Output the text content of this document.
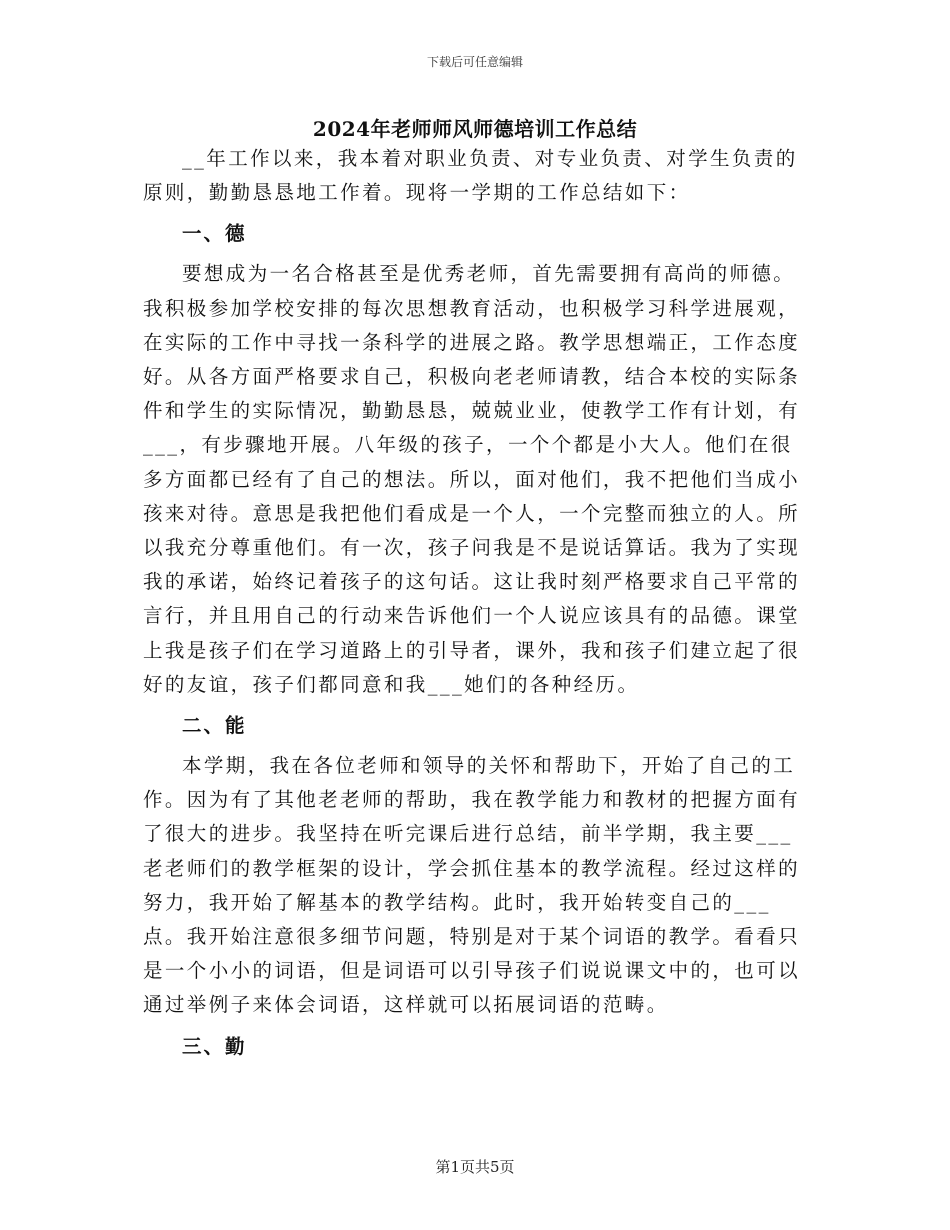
下载后可任意编辑
2024年老师师风师德培训工作总结

__年工作以来，我本着对职业负责、对专业负责、对学生负责的原则，勤勤恳恳地工作着。现将一学期的工作总结如下：

一、德

要想成为一名合格甚至是优秀老师，首先需要拥有高尚的师德。我积极参加学校安排的每次思想教育活动，也积极学习科学进展观，在实际的工作中寻找一条科学的进展之路。教学思想端正，工作态度好。从各方面严格要求自己，积极向老老师请教，结合本校的实际条件和学生的实际情况，勤勤恳恳，兢兢业业，使教学工作有计划，有___，有步骤地开展。八年级的孩子，一个个都是小大人。他们在很多方面都已经有了自己的想法。所以，面对他们，我不把他们当成小孩来对待。意思是我把他们看成是一个人，一个完整而独立的人。所以我充分尊重他们。有一次，孩子问我是不是说话算话。我为了实现我的承诺，始终记着孩子的这句话。这让我时刻严格要求自己平常的言行，并且用自己的行动来告诉他们一个人说应该具有的品德。课堂上我是孩子们在学习道路上的引导者，课外，我和孩子们建立起了很好的友谊，孩子们都同意和我___她们的各种经历。

二、能

本学期，我在各位老师和领导的关怀和帮助下，开始了自己的工作。因为有了其他老老师的帮助，我在教学能力和教材的把握方面有了很大的进步。我坚持在听完课后进行总结，前半学期，我主要___老老师们的教学框架的设计，学会抓住基本的教学流程。经过这样的努力，我开始了解基本的教学结构。此时，我开始转变自己的___点。我开始注意很多细节问题，特别是对于某个词语的教学。看看只是一个小小的词语，但是词语可以引导孩子们说说课文中的，也可以通过举例子来体会词语，这样就可以拓展词语的范畴。

三、勤
第1页共5页
